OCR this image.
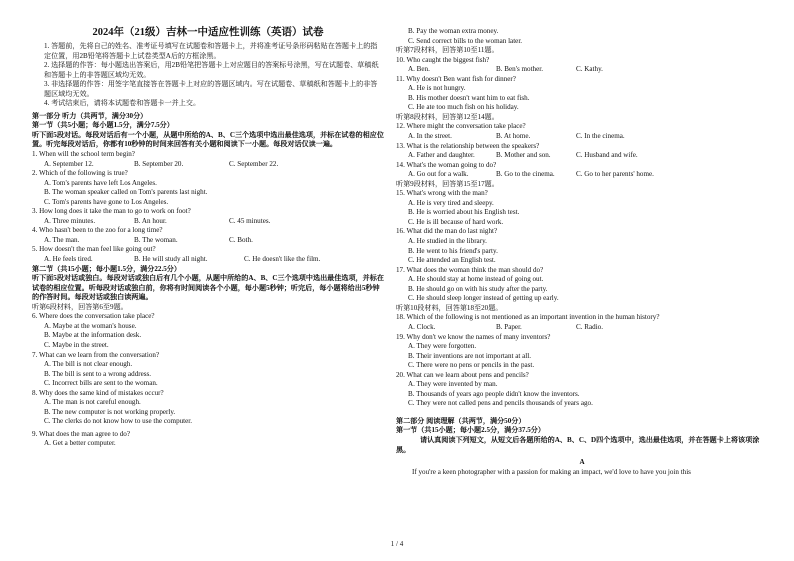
2024年（21级）吉林一中适应性训练（英语）试卷
1. 答题前，先将自己的姓名、准考证号填写在试题卷和答题卡上，并将准考证号条形码粘贴在答题卡上的指定位置，用2B铅笔将答题卡上试卷类型A后的方框涂黑。
2. 选择题的作答：每小题选出答案后，用2B铅笔把答题卡上对应题目的答案标号涂黑，写在试题卷、草稿纸和答题卡上的非答题区域均无效。
3. 非选择题的作答：用签字笔直接答在答题卡上对应的答题区域内。写在试题卷、草稿纸和答题卡上的非答题区域均无效。
4. 考试结束后，请将本试题卷和答题卡一并上交。
第一部分 听力（共两节，满分30分）
第一节（共5小题；每小题1.5分，满分7.5分）
听下面5段对话。每段对话后有一个小题，从题中所给的A、B、C三个选项中选出最佳选项，并标在试卷的相应位置。听完每段对话后，你都有10秒钟的时间来回答有关小题和阅读下一小题。每段对话仅读一遍。
1. When will the school term begin?
A. September 12.	B. September 20.	C. September 22.
2. Which of the following is true?
A. Tom's parents have left Los Angeles.
B. The woman speaker called on Tom's parents last night.
C. Tom's parents have gone to Los Angeles.
3. How long does it take the man to go to work on foot?
A. Three minutes.	B. An hour.	C. 45 minutes.
4. Who hasn't been to the zoo for a long time?
A. The man.	B. The woman.	C. Both.
5. How doesn't the man feel like going out?
A. He feels tired.	B. He will study all night.	C. He doesn't like the film.
第二节（共15小题；每小题1.5分，满分22.5分）
听下面5段对话或独白。每段对话或独白后有几个小题，从题中所给的A、B、C三个选项中选出最佳选项，并标在试卷的相应位置。听每段对话或独白前，你将有时间阅读各个小题，每小题5秒钟；听完后，每小题将给出5秒钟的作答时间。每段对话或独白读两遍。
听第6段材料，回答第6至9题。
6. Where does the conversation take place?
A. Maybe at the woman's house.
B. Maybe at the information desk.
C. Maybe in the street.
7. What can we learn from the conversation?
A. The bill is not clear enough.
B. The bill is sent to a wrong address.
C. Incorrect bills are sent to the woman.
8. Why does the same kind of mistakes occur?
A. The man is not careful enough.
B. The new computer is not working properly.
C. The clerks do not know how to use the computer.
9. What does the man agree to do?
A. Get a better computer.
B. Pay the woman extra money.
C. Send correct bills to the woman later.
听第7段材料，回答第10至11题。
10. Who caught the biggest fish?
A. Ben.	B. Ben's mother.	C. Kathy.
11. Why doesn't Ben want fish for dinner?
A. He is not hungry.
B. His mother doesn't want him to eat fish.
C. He ate too much fish on his holiday.
听第8段材料，回答第12至14题。
12. Where might the conversation take place?
A. In the street.	B. At home.	C. In the cinema.
13. What is the relationship between the speakers?
A. Father and daughter.	B. Mother and son.	C. Husband and wife.
14. What's the woman going to do?
A. Go out for a walk.	B. Go to the cinema.	C. Go to her parents' home.
听第9段材料，回答第15至17题。
15. What's wrong with the man?
A. He is very tired and sleepy.
B. He is worried about his English test.
C. He is ill because of hard work.
16. What did the man do last night?
A. He studied in the library.
B. He went to his friend's party.
C. He attended an English test.
17. What does the woman think the man should do?
A. He should stay at home instead of going out.
B. He should go on with his study after the party.
C. He should sleep longer instead of getting up early.
听第10段材料，回答第18至20题。
18. Which of the following is not mentioned as an important invention in the human history?
A. Clock.	B. Paper.	C. Radio.
19. Why don't we know the names of many inventors?
A. They were forgotten.
B. Their inventions are not important at all.
C. There were no pens or pencils in the past.
20. What can we learn about pens and pencils?
A. They were invented by man.
B. Thousands of years ago people didn't know the inventors.
C. They were not called pens and pencils thousands of years ago.
第二部分 阅读理解（共两节，满分50分）
第一节（共15小题；每小题2.5分，满分37.5分）
请认真阅读下列短文，从短文后各题所给的A、B、C、D四个选项中，选出最佳选项，并在答题卡上将该项涂黑。
A
If you're a keen photographer with a passion for making an impact, we'd love to have you join this
1 / 4
